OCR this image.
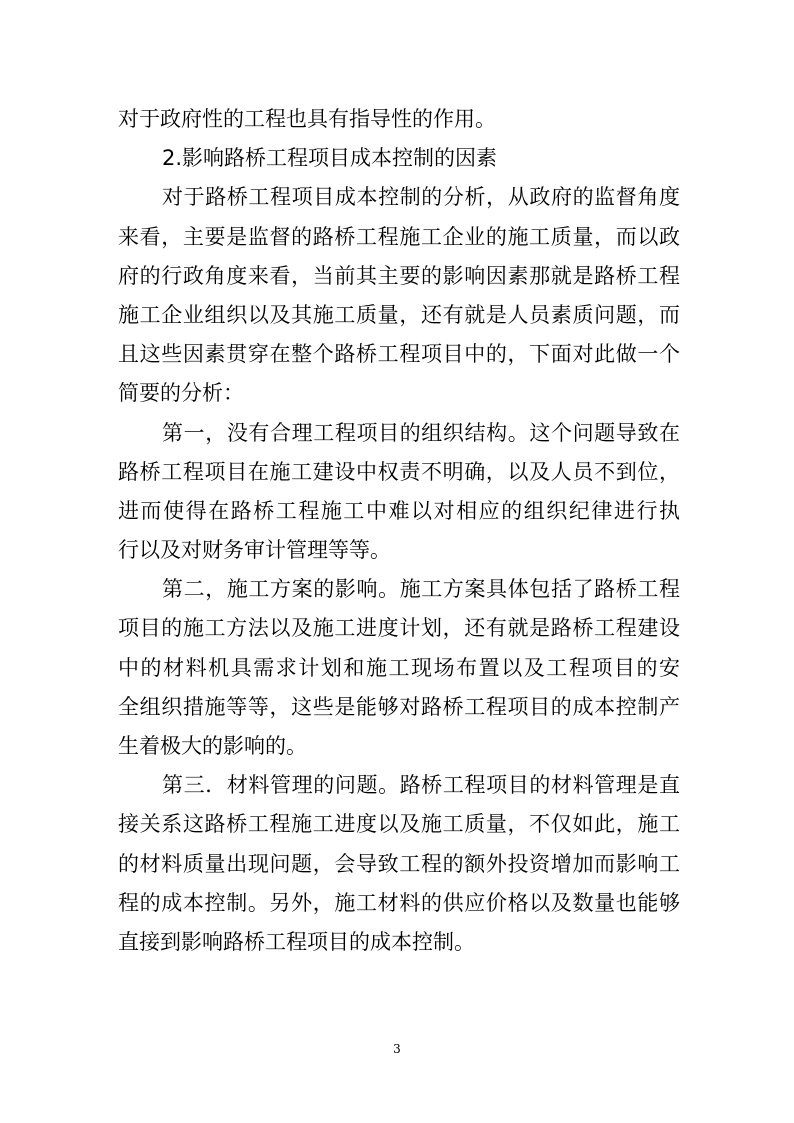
对于政府性的工程也具有指导性的作用。
2.影响路桥工程项目成本控制的因素
对于路桥工程项目成本控制的分析，从政府的监督角度
来看，主要是监督的路桥工程施工企业的施工质量，而以政
府的行政角度来看，当前其主要的影响因素那就是路桥工程
施工企业组织以及其施工质量，还有就是人员素质问题，而
且这些因素贯穿在整个路桥工程项目中的，下面对此做一个
简要的分析：
第一，没有合理工程项目的组织结构。这个问题导致在
路桥工程项目在施工建设中权责不明确，以及人员不到位，
进而使得在路桥工程施工中难以对相应的组织纪律进行执
行以及对财务审计管理等等。
第二，施工方案的影响。施工方案具体包括了路桥工程
项目的施工方法以及施工进度计划，还有就是路桥工程建设
中的材料机具需求计划和施工现场布置以及工程项目的安
全组织措施等等，这些是能够对路桥工程项目的成本控制产
生着极大的影响的。
第三．材料管理的问题。路桥工程项目的材料管理是直
接关系这路桥工程施工进度以及施工质量，不仅如此，施工
的材料质量出现问题，会导致工程的额外投资增加而影响工
程的成本控制。另外，施工材料的供应价格以及数量也能够
直接到影响路桥工程项目的成本控制。
3
